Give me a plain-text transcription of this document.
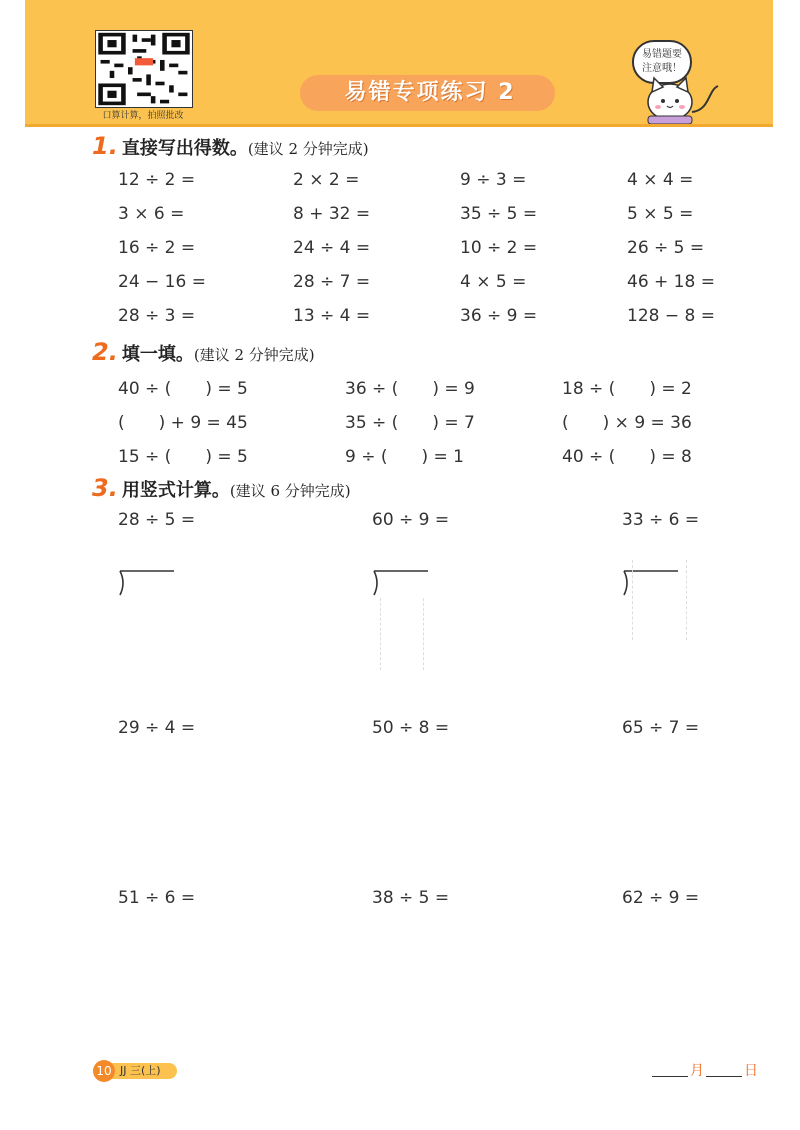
口算计算，拍照批改
易错专项练习 2
易错题要
注意哦！
1. 直接写出得数。(建议 2 分钟完成)
12 ÷ 2 =	2 × 2 =	9 ÷ 3 =	4 × 4 =
3 × 6 =	8 + 32 =	35 ÷ 5 =	5 × 5 =
16 ÷ 2 =	24 ÷ 4 =	10 ÷ 2 =	26 ÷ 5 =
24 − 16 =	28 ÷ 7 =	4 × 5 =	46 + 18 =
28 ÷ 3 =	13 ÷ 4 =	36 ÷ 9 =	128 − 8 =
2. 填一填。(建议 2 分钟完成)
40 ÷ (　　) = 5	36 ÷ (　　) = 9	18 ÷ (　　) = 2
(　　) + 9 = 45	35 ÷ (　　) = 7	(　　) × 9 = 36
15 ÷ (　　) = 5	9 ÷ (　　) = 1	40 ÷ (　　) = 8
3. 用竖式计算。(建议 6 分钟完成)
28 ÷ 5 =	60 ÷ 9 =	33 ÷ 6 =
29 ÷ 4 =	50 ÷ 8 =	65 ÷ 7 =
51 ÷ 6 =	38 ÷ 5 =	62 ÷ 9 =
10 JJ 三(上)	月	日
